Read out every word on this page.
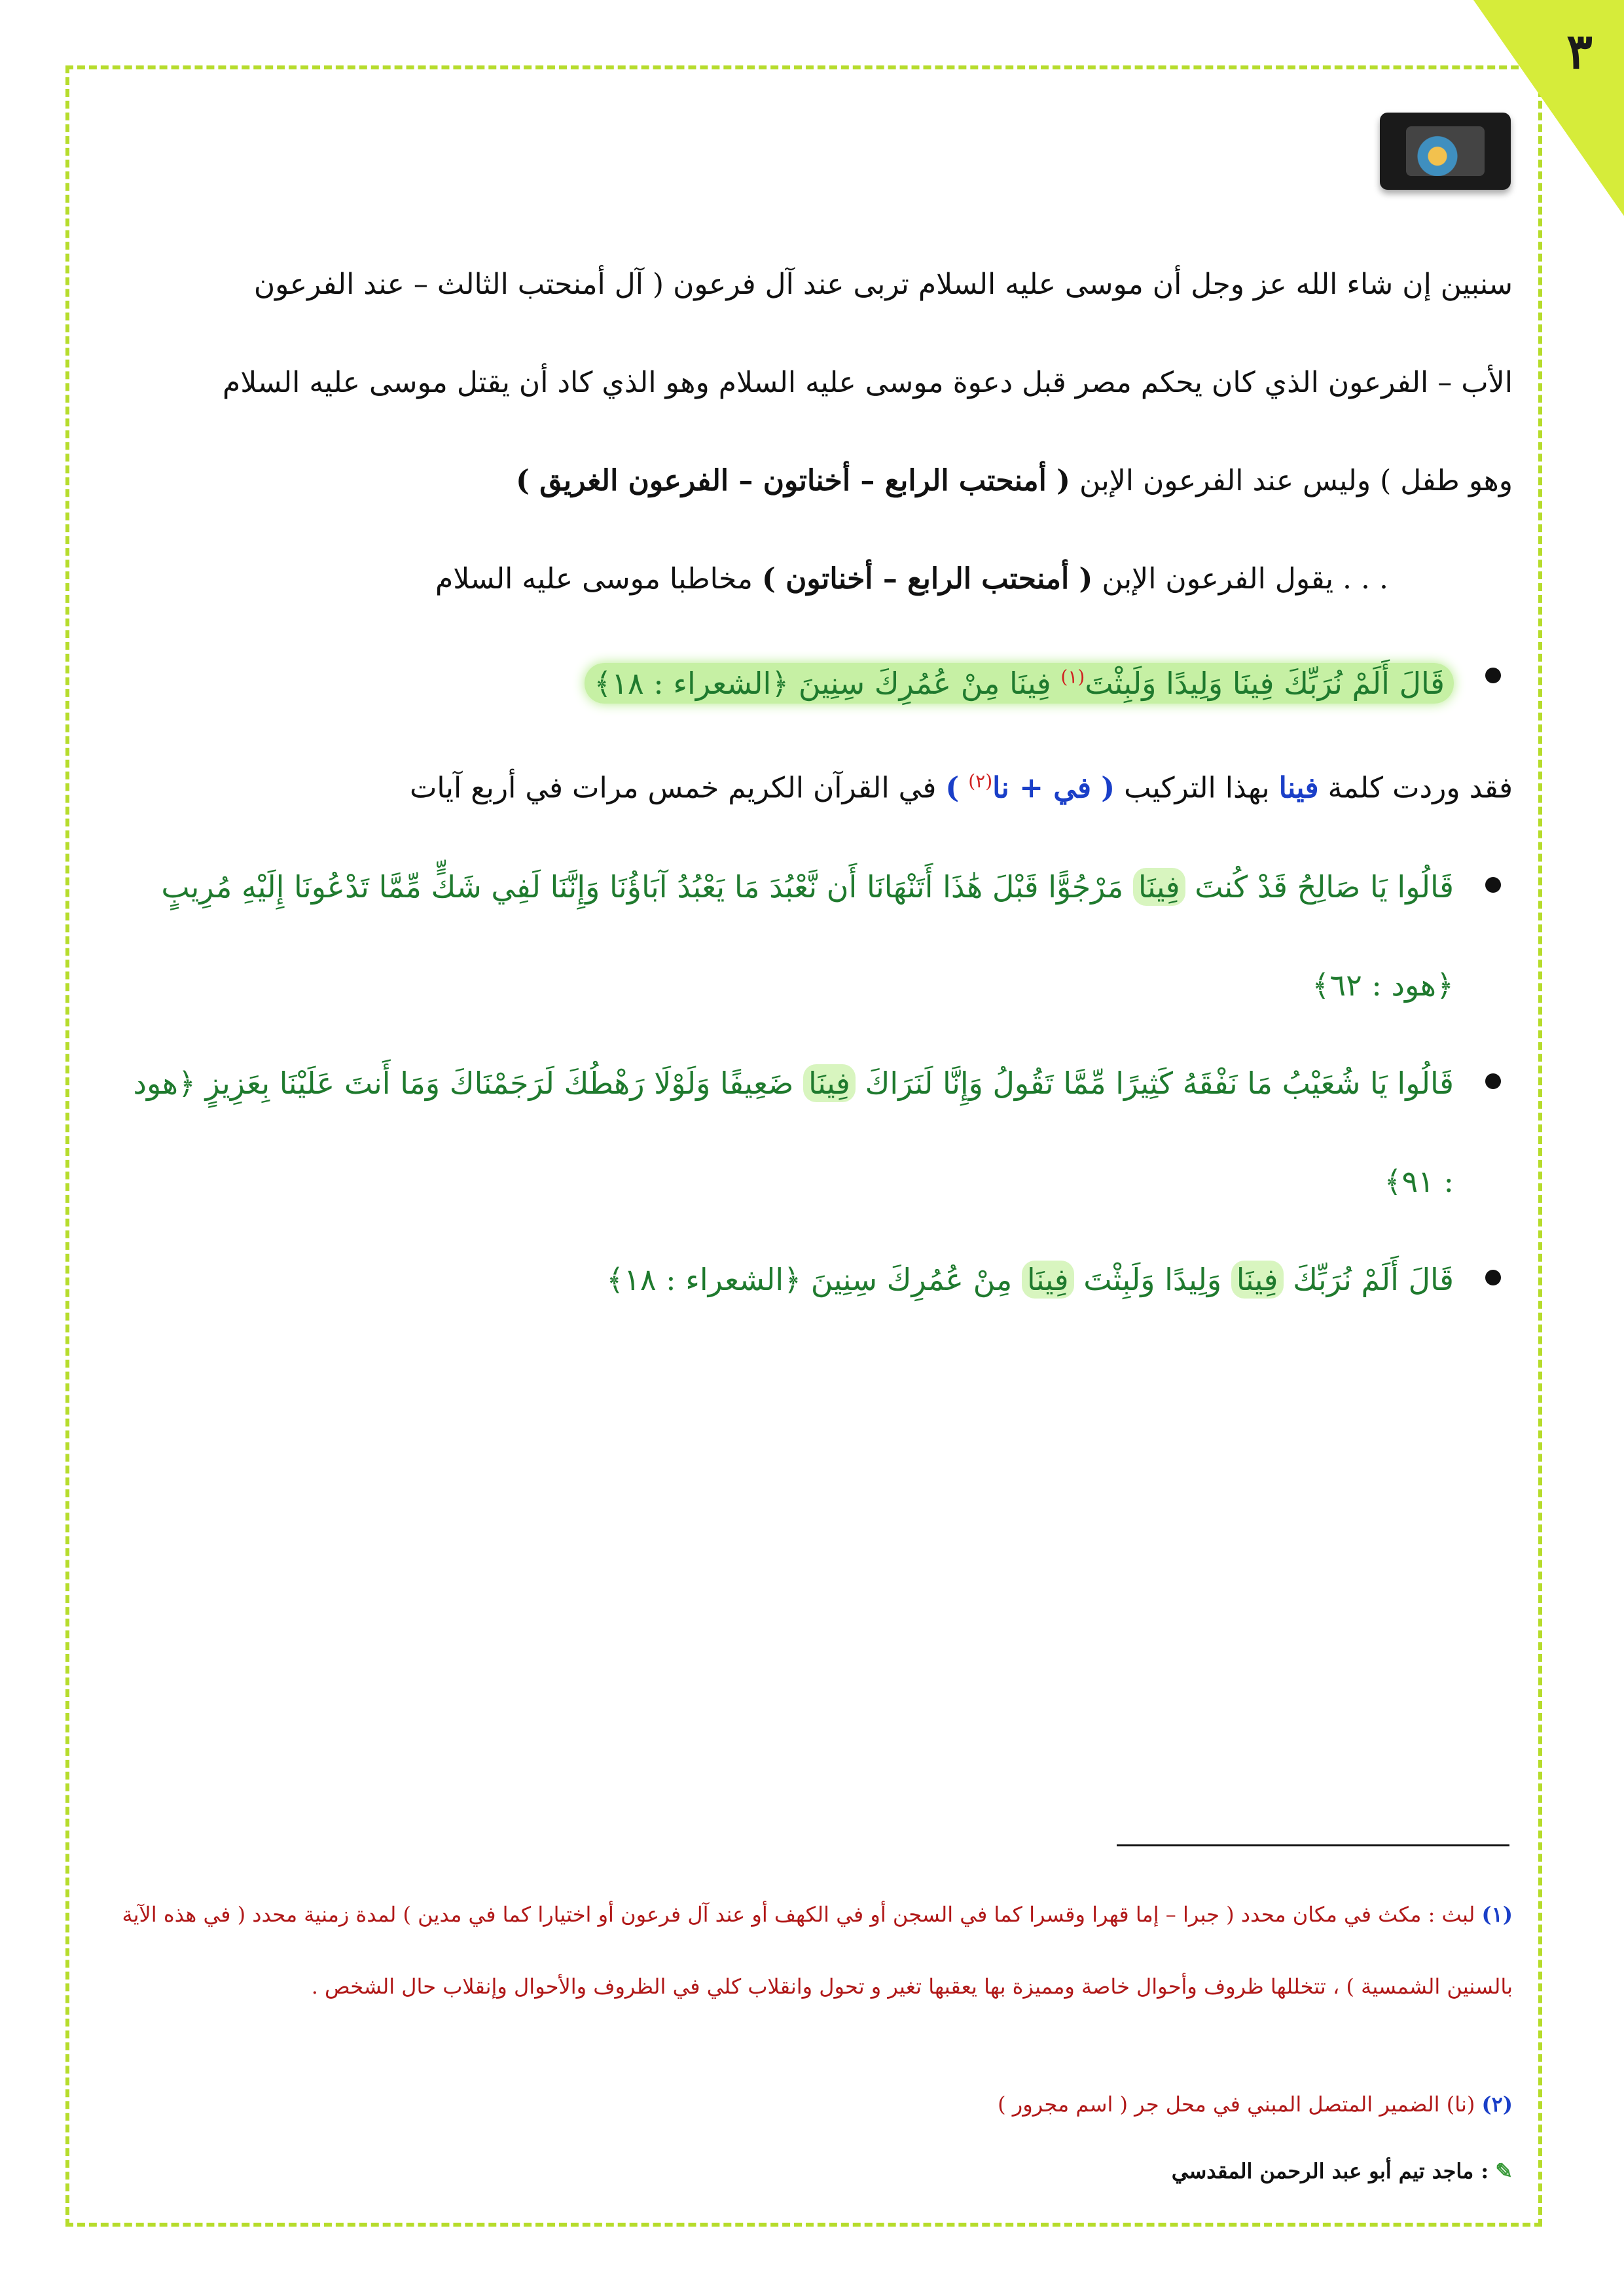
٣

سنبين إن شاء الله عز وجل أن موسى عليه السلام تربى عند آل فرعون ( آل أمنحتب الثالث – عند الفرعون

الأب – الفرعون الذي كان يحكم مصر قبل دعوة موسى عليه السلام وهو الذي كاد أن يقتل موسى عليه السلام

وهو طفل ) وليس عند الفرعون الإبن ( أمنحتب الرابع – أخناتون – الفرعون الغريق )

. . . يقول الفرعون الإبن ( أمنحتب الرابع – أخناتون ) مخاطبا موسى عليه السلام

قَالَ أَلَمْ نُرَبِّكَ فِينَا وَلِيدًا وَلَبِثْتَ$^{(١)}$ فِينَا مِنْ عُمُرِكَ سِنِينَ ﴿الشعراء : ١٨﴾

فقد وردت كلمة فينا بهذا التركيب ( في + نا$^{(٢)}$ ) في القرآن الكريم خمس مرات في أربع آيات

قَالُوا يَا صَالِحُ قَدْ كُنتَ فِينَا مَرْجُوًّا قَبْلَ هَٰذَا أَتَنْهَانَا أَن نَّعْبُدَ مَا يَعْبُدُ آبَاؤُنَا وَإِنَّنَا لَفِي شَكٍّ مِّمَّا تَدْعُونَا إِلَيْهِ مُرِيبٍ ﴿هود : ٦٢﴾
قَالُوا يَا شُعَيْبُ مَا نَفْقَهُ كَثِيرًا مِّمَّا تَقُولُ وَإِنَّا لَنَرَاكَ فِينَا ضَعِيفًا وَلَوْلَا رَهْطُكَ لَرَجَمْنَاكَ وَمَا أَنتَ عَلَيْنَا بِعَزِيزٍ ﴿هود : ٩١﴾
قَالَ أَلَمْ نُرَبِّكَ فِينَا وَلِيدًا وَلَبِثْتَ فِينَا مِنْ عُمُرِكَ سِنِينَ ﴿الشعراء : ١٨﴾

(١) لبث : مكث في مكان محدد ( جبرا – إما قهرا وقسرا كما في السجن أو في الكهف أو عند آل فرعون أو اختيارا كما في مدين ) لمدة زمنية محدد ( في هذه الآية بالسنين الشمسية ) ، تتخللها ظروف وأحوال خاصة ومميزة بها يعقبها تغير و تحول وانقلاب كلي في الظروف والأحوال وإنقلاب حال الشخص .

(٢) (نا) الضمير المتصل المبني في محل جر ( اسم مجرور )

✎: ماجد تيم أبو عبد الرحمن المقدسي
